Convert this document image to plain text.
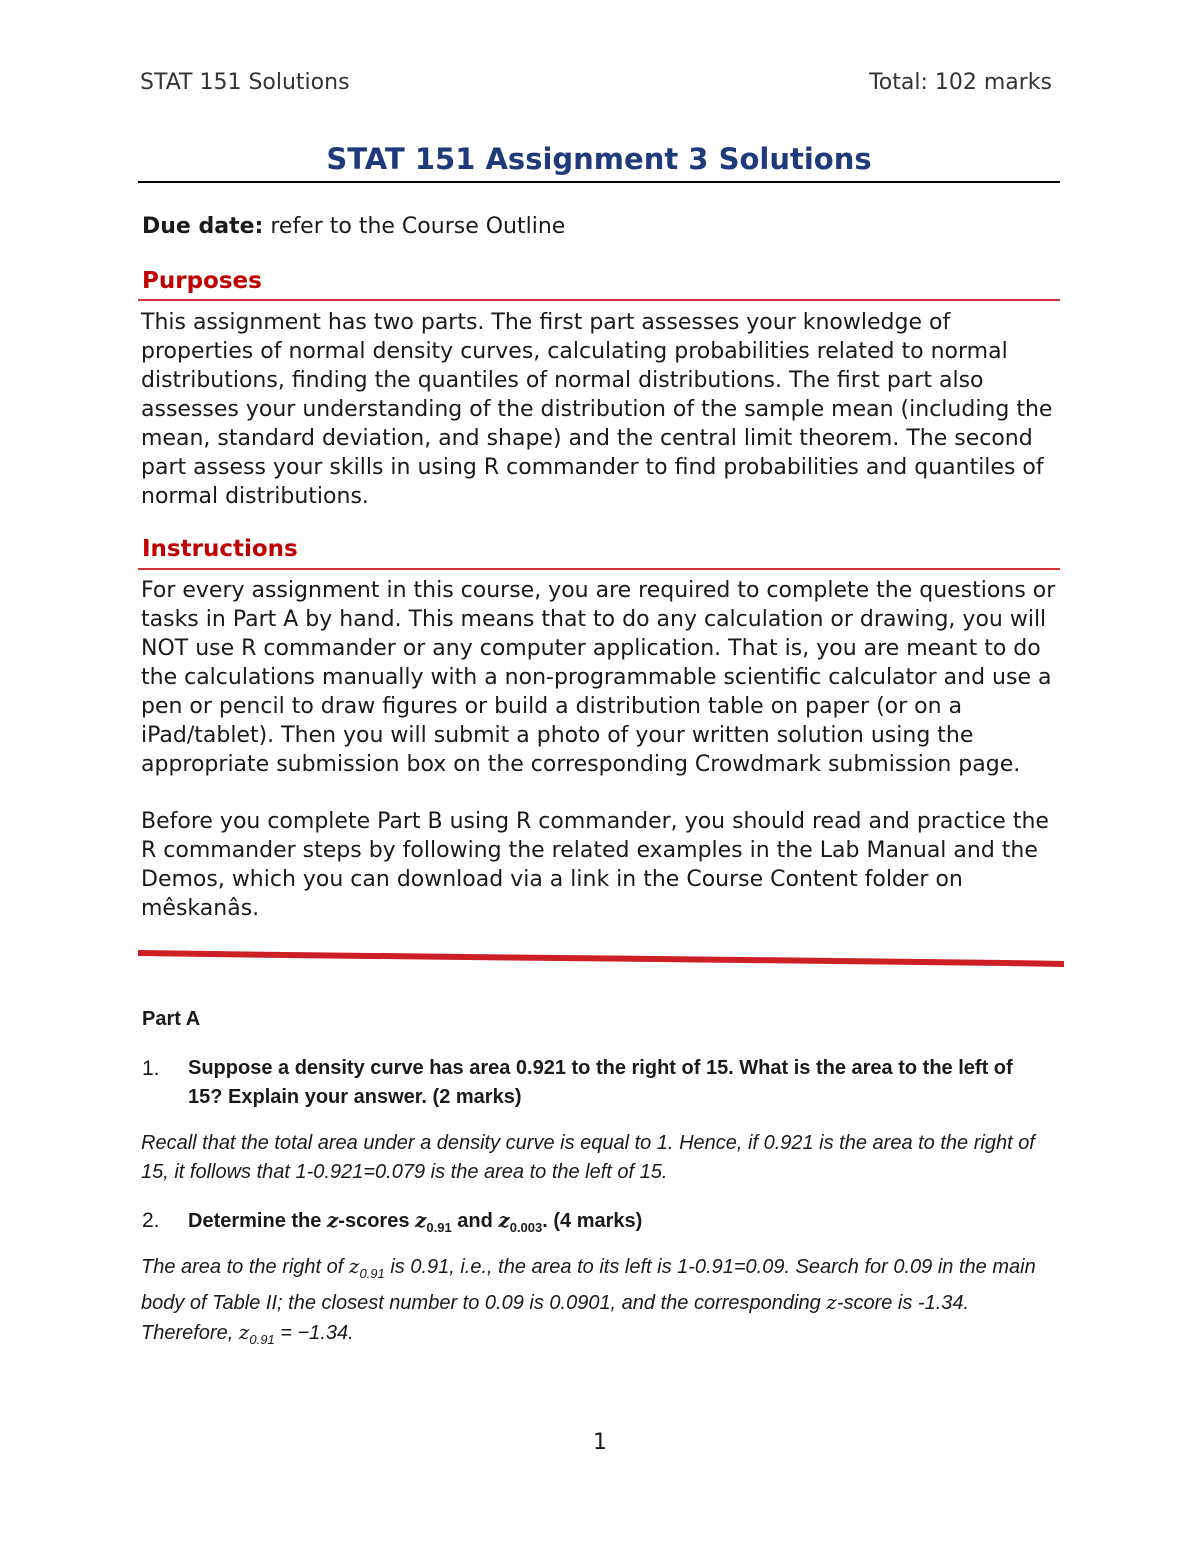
STAT 151 Solutions	Total: 102 marks
STAT 151 Assignment 3 Solutions

Due date: refer to the Course Outline

Purposes

This assignment has two parts. The first part assesses your knowledge of properties of normal density curves, calculating probabilities related to normal distributions, finding the quantiles of normal distributions. The first part also assesses your understanding of the distribution of the sample mean (including the mean, standard deviation, and shape) and the central limit theorem. The second part assess your skills in using R commander to find probabilities and quantiles of normal distributions.

Instructions

For every assignment in this course, you are required to complete the questions or tasks in Part A by hand. This means that to do any calculation or drawing, you will NOT use R commander or any computer application. That is, you are meant to do the calculations manually with a non-programmable scientific calculator and use a pen or pencil to draw figures or build a distribution table on paper (or on a iPad/tablet). Then you will submit a photo of your written solution using the appropriate submission box on the corresponding Crowdmark submission page.

Before you complete Part B using R commander, you should read and practice the R commander steps by following the related examples in the Lab Manual and the Demos, which you can download via a link in the Course Content folder on mêskanâs.

Part A

1.	Suppose a density curve has area 0.921 to the right of 15. What is the area to the left of 15? Explain your answer. (2 marks)

Recall that the total area under a density curve is equal to 1. Hence, if 0.921 is the area to the right of 15, it follows that 1-0.921=0.079 is the area to the left of 15.

2.	Determine the z-scores $z_{0.91}$ and $z_{0.003}$. (4 marks)

The area to the right of $z_{0.91}$ is 0.91, i.e., the area to its left is 1-0.91=0.09. Search for 0.09 in the main body of Table II; the closest number to 0.09 is 0.0901, and the corresponding z-score is -1.34. Therefore, $z_{0.91} = -1.34$.

1
